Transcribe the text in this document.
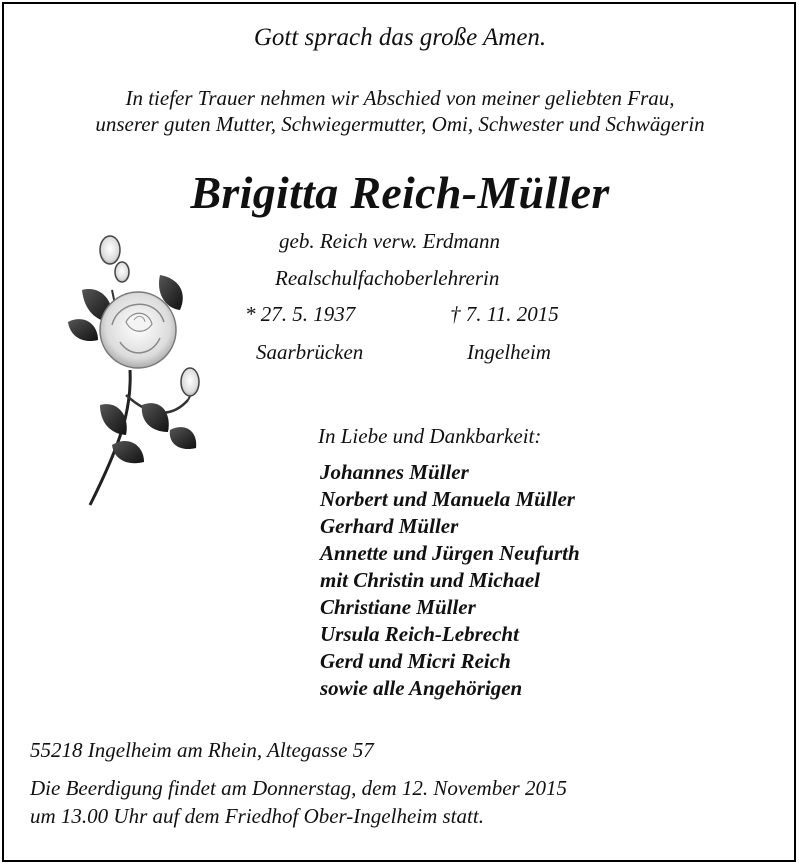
Gott sprach das große Amen.
In tiefer Trauer nehmen wir Abschied von meiner geliebten Frau,
unserer guten Mutter, Schwiegermutter, Omi, Schwester und Schwägerin
Brigitta Reich-Müller
geb. Reich verw. Erdmann
Realschulfachoberlehrerin
* 27. 5. 1937	† 7. 11. 2015
Saarbrücken	Ingelheim
In Liebe und Dankbarkeit:
Johannes Müller
Norbert und Manuela Müller
Gerhard Müller
Annette und Jürgen Neufurth
mit Christin und Michael
Christiane Müller
Ursula Reich-Lebrecht
Gerd und Micri Reich
sowie alle Angehörigen
55218 Ingelheim am Rhein, Altegasse 57
Die Beerdigung findet am Donnerstag, dem 12. November 2015
um 13.00 Uhr auf dem Friedhof Ober-Ingelheim statt.
